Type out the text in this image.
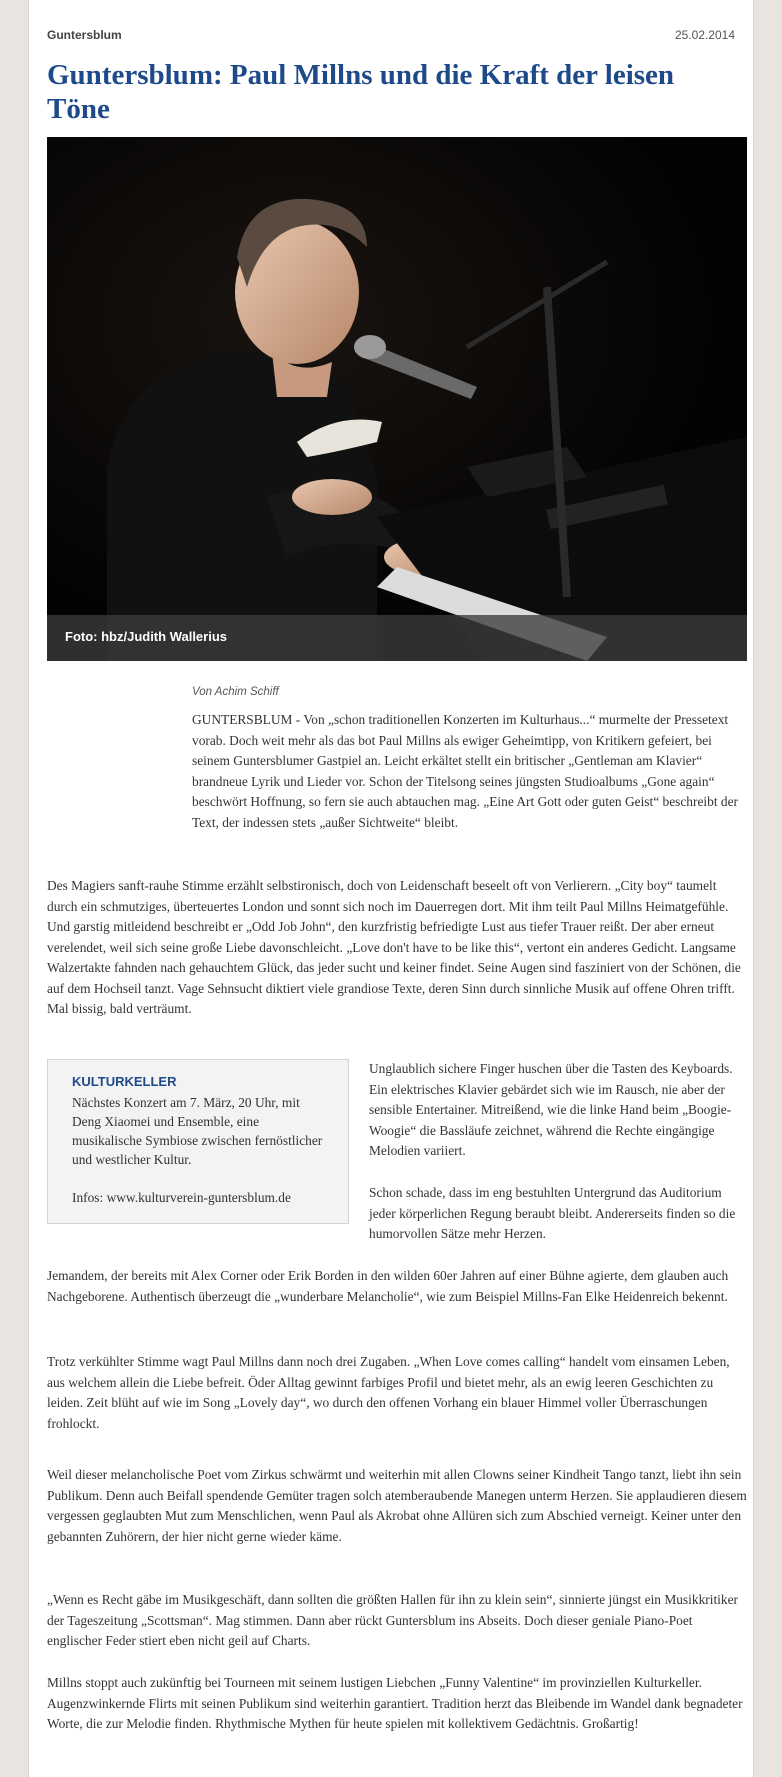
Guntersblum	25.02.2014
Guntersblum: Paul Millns und die Kraft der leisen Töne
Foto: hbz/Judith Wallerius
Von Achim Schiff

GUNTERSBLUM - Von „schon traditionellen Konzerten im Kulturhaus...“ murmelte der Pressetext vorab. Doch weit mehr als das bot Paul Millns als ewiger Geheimtipp, von Kritikern gefeiert, bei seinem Guntersblumer Gastpiel an. Leicht erkältet stellt ein britischer „Gentleman am Klavier“ brandneue Lyrik und Lieder vor. Schon der Titelsong seines jüngsten Studioalbums „Gone again“ beschwört Hoffnung, so fern sie auch abtauchen mag. „Eine Art Gott oder guten Geist“ beschreibt der Text, der indessen stets „außer Sichtweite“ bleibt.

Des Magiers sanft-rauhe Stimme erzählt selbstironisch, doch von Leidenschaft beseelt oft von Verlierern. „City boy“ taumelt durch ein schmutziges, überteuertes London und sonnt sich noch im Dauerregen dort. Mit ihm teilt Paul Millns Heimatgefühle. Und garstig mitleidend beschreibt er „Odd Job John“, den kurzfristig befriedigte Lust aus tiefer Trauer reißt. Der aber erneut verelendet, weil sich seine große Liebe davonschleicht. „Love don't have to be like this“, vertont ein anderes Gedicht. Langsame Walzertakte fahnden nach gehauchtem Glück, das jeder sucht und keiner findet. Seine Augen sind fasziniert von der Schönen, die auf dem Hochseil tanzt. Vage Sehnsucht diktiert viele grandiose Texte, deren Sinn durch sinnliche Musik auf offene Ohren trifft. Mal bissig, bald verträumt.

KULTURKELLER
Nächstes Konzert am 7. März, 20 Uhr, mit Deng Xiaomei und Ensemble, eine musikalische Symbiose zwischen fernöstlicher und westlicher Kultur.
Infos: www.kulturverein-guntersblum.de

Unglaublich sichere Finger huschen über die Tasten des Keyboards. Ein elektrisches Klavier gebärdet sich wie im Rausch, nie aber der sensible Entertainer. Mitreißend, wie die linke Hand beim „Boogie-Woogie“ die Bassläufe zeichnet, während die Rechte eingängige Melodien variiert.

Schon schade, dass im eng bestuhlten Untergrund das Auditorium jeder körperlichen Regung beraubt bleibt. Andererseits finden so die humorvollen Sätze mehr Herzen.

Jemandem, der bereits mit Alex Corner oder Erik Borden in den wilden 60er Jahren auf einer Bühne agierte, dem glauben auch Nachgeborene. Authentisch überzeugt die „wunderbare Melancholie“, wie zum Beispiel Millns-Fan Elke Heidenreich bekennt.

Trotz verkühlter Stimme wagt Paul Millns dann noch drei Zugaben. „When Love comes calling“ handelt vom einsamen Leben, aus welchem allein die Liebe befreit. Öder Alltag gewinnt farbiges Profil und bietet mehr, als an ewig leeren Geschichten zu leiden. Zeit blüht auf wie im Song „Lovely day“, wo durch den offenen Vorhang ein blauer Himmel voller Überraschungen frohlockt.

Weil dieser melancholische Poet vom Zirkus schwärmt und weiterhin mit allen Clowns seiner Kindheit Tango tanzt, liebt ihn sein Publikum. Denn auch Beifall spendende Gemüter tragen solch atemberaubende Manegen unterm Herzen. Sie applaudieren diesem vergessen geglaubten Mut zum Menschlichen, wenn Paul als Akrobat ohne Allüren sich zum Abschied verneigt. Keiner unter den gebannten Zuhörern, der hier nicht gerne wieder käme.

„Wenn es Recht gäbe im Musikgeschäft, dann sollten die größten Hallen für ihn zu klein sein“, sinnierte jüngst ein Musikkritiker der Tageszeitung „Scottsman“. Mag stimmen. Dann aber rückt Guntersblum ins Abseits. Doch dieser geniale Piano-Poet englischer Feder stiert eben nicht geil auf Charts.

Millns stoppt auch zukünftig bei Tourneen mit seinem lustigen Liebchen „Funny Valentine“ im provinziellen Kulturkeller. Augenzwinkernde Flirts mit seinen Publikum sind weiterhin garantiert. Tradition herzt das Bleibende im Wandel dank begnadeter Worte, die zur Melodie finden. Rhythmische Mythen für heute spielen mit kollektivem Gedächtnis. Großartig!
